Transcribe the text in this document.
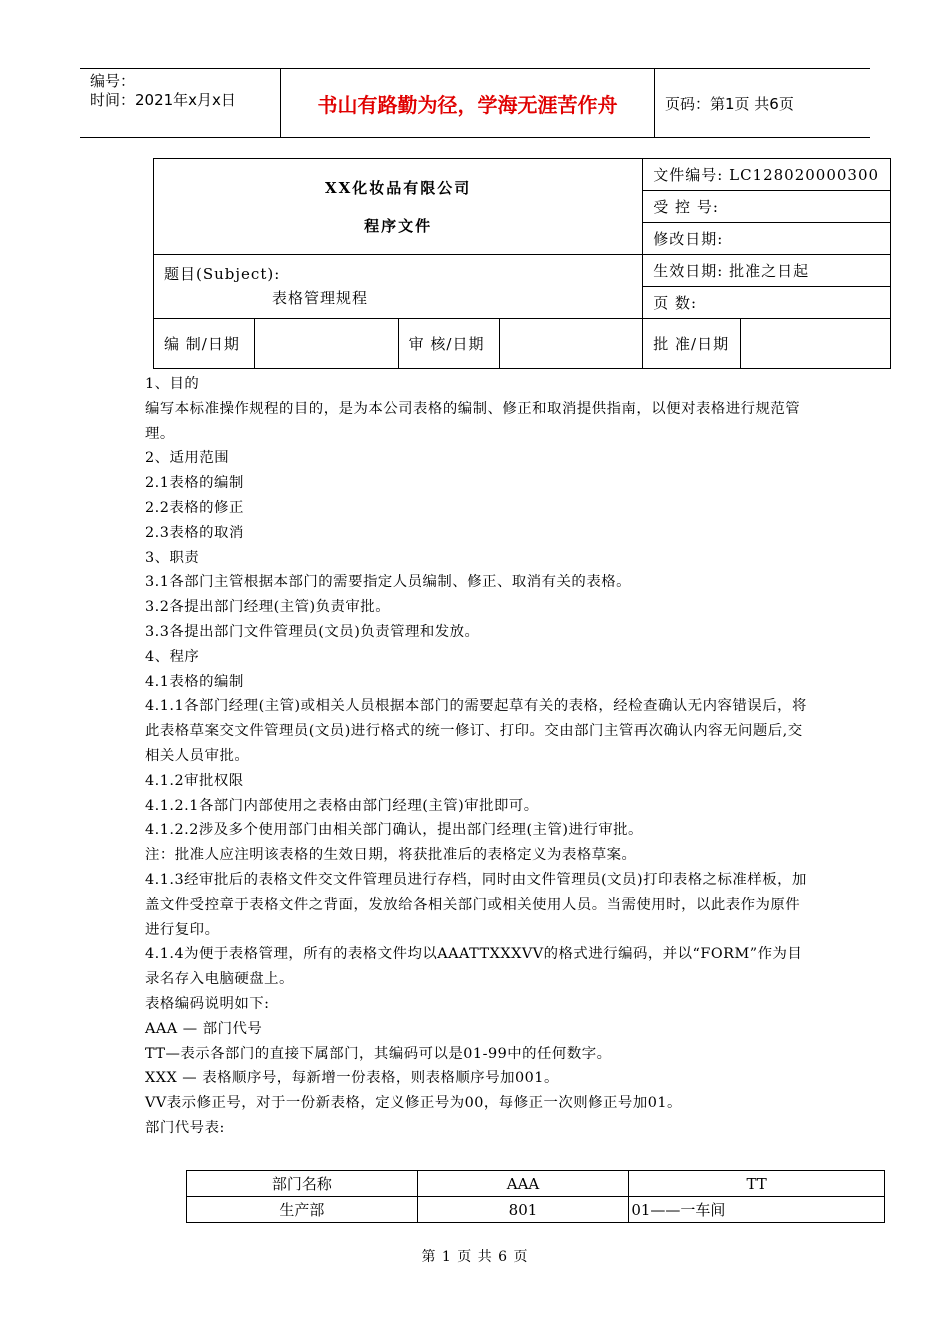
编号：
时间：2021年x月x日	书山有路勤为径，学海无涯苦作舟	页码：第1页 共6页
XX化妆品有限公司
程序文件				文件编号: LC128020000300	
				受 控 号:	
				修改日期:	

题目(Subject):
表格管理规程				生效日期: 批准之日起	
				页 数:	
编 制/日期		审 核/日期		批 准/日期	

1、目的

编写本标准操作规程的目的，是为本公司表格的编制、修正和取消提供指南，以便对表格进行规范管理。

2、适用范围

2.1表格的编制

2.2表格的修正

2.3表格的取消

3、职责

3.1各部门主管根据本部门的需要指定人员编制、修正、取消有关的表格。

3.2各提出部门经理(主管)负责审批。

3.3各提出部门文件管理员(文员)负责管理和发放。

4、程序

4.1表格的编制

4.1.1各部门经理(主管)或相关人员根据本部门的需要起草有关的表格，经检查确认无内容错误后，将此表格草案交文件管理员(文员)进行格式的统一修订、打印。交由部门主管再次确认内容无问题后,交相关人员审批。

4.1.2审批权限

4.1.2.1各部门内部使用之表格由部门经理(主管)审批即可。

4.1.2.2涉及多个使用部门由相关部门确认，提出部门经理(主管)进行审批。

注：批准人应注明该表格的生效日期，将获批准后的表格定义为表格草案。

4.1.3经审批后的表格文件交文件管理员进行存档，同时由文件管理员(文员)打印表格之标准样板，加盖文件受控章于表格文件之背面，发放给各相关部门或相关使用人员。当需使用时，以此表作为原件进行复印。

4.1.4为便于表格管理，所有的表格文件均以AAATTXXXVV的格式进行编码，并以“FORM”作为目录名存入电脑硬盘上。

表格编码说明如下:

AAA — 部门代号

TT—表示各部门的直接下属部门，其编码可以是01-99中的任何数字。

XXX — 表格顺序号，每新增一份表格，则表格顺序号加001。

VV表示修正号，对于一份新表格，定义修正号为00，每修正一次则修正号加01。

部门代号表:

部门名称	AAA	TT
生产部	801	01——一车间
第 1 页 共 6 页
